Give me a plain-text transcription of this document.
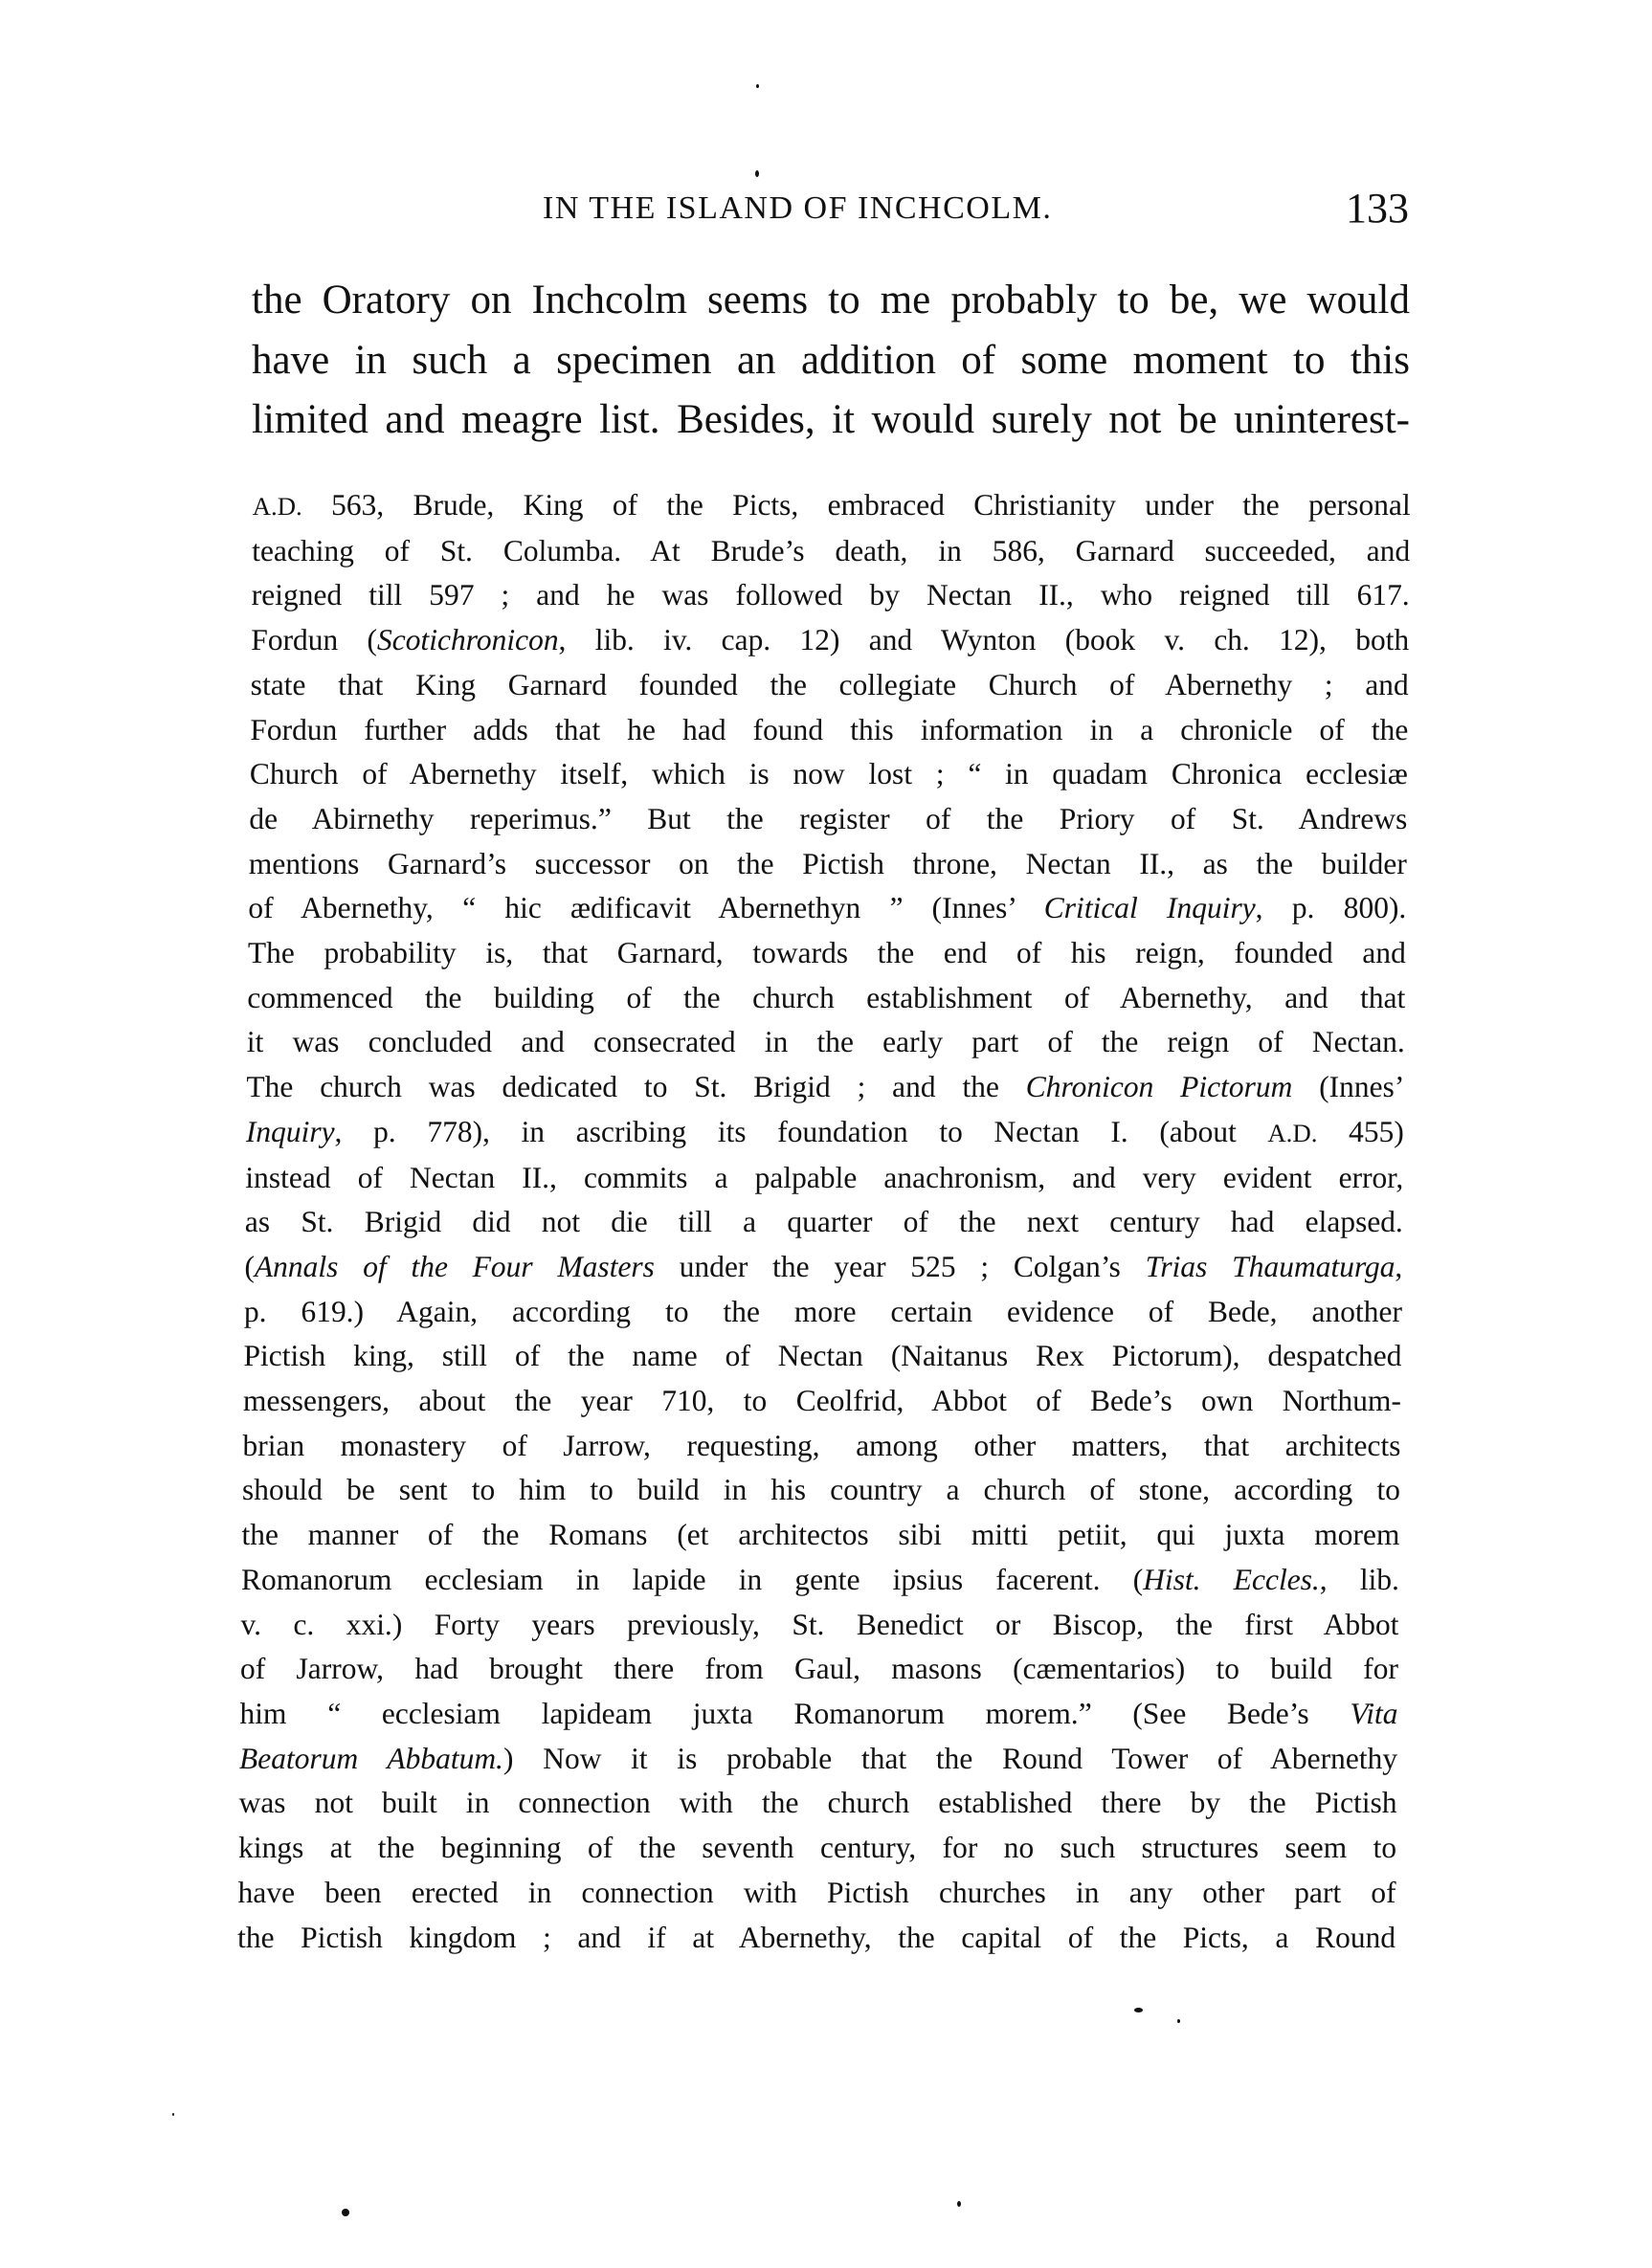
IN THE ISLAND OF INCHCOLM.	133
the Oratory on Inchcolm seems to me probably to be, we would
have in such a specimen an addition of some moment to this
limited and meagre list. Besides, it would surely not be uninterest-
A.D. 563, Brude, King of the Picts, embraced Christianity under the personal
teaching of St. Columba. At Brude’s death, in 586, Garnard succeeded, and
reigned till 597 ; and he was followed by Nectan II., who reigned till 617.
Fordun (Scotichronicon, lib. iv. cap. 12) and Wynton (book v. ch. 12), both
state that King Garnard founded the collegiate Church of Abernethy ; and
Fordun further adds that he had found this information in a chronicle of the
Church of Abernethy itself, which is now lost ; “ in quadam Chronica ecclesiæ
de Abirnethy reperimus.” But the register of the Priory of St. Andrews
mentions Garnard’s successor on the Pictish throne, Nectan II., as the builder
of Abernethy, “ hic ædificavit Abernethyn ” (Innes’ Critical Inquiry, p. 800).
The probability is, that Garnard, towards the end of his reign, founded and
commenced the building of the church establishment of Abernethy, and that
it was concluded and consecrated in the early part of the reign of Nectan.
The church was dedicated to St. Brigid ; and the Chronicon Pictorum (Innes’
Inquiry, p. 778), in ascribing its foundation to Nectan I. (about A.D. 455)
instead of Nectan II., commits a palpable anachronism, and very evident error,
as St. Brigid did not die till a quarter of the next century had elapsed.
(Annals of the Four Masters under the year 525 ; Colgan’s Trias Thaumaturga,
p. 619.) Again, according to the more certain evidence of Bede, another
Pictish king, still of the name of Nectan (Naitanus Rex Pictorum), despatched
messengers, about the year 710, to Ceolfrid, Abbot of Bede’s own Northum-
brian monastery of Jarrow, requesting, among other matters, that architects
should be sent to him to build in his country a church of stone, according to
the manner of the Romans (et architectos sibi mitti petiit, qui juxta morem
Romanorum ecclesiam in lapide in gente ipsius facerent. (Hist. Eccles., lib.
v. c. xxi.) Forty years previously, St. Benedict or Biscop, the first Abbot
of Jarrow, had brought there from Gaul, masons (cæmentarios) to build for
him “ ecclesiam lapideam juxta Romanorum morem.” (See Bede’s Vita
Beatorum Abbatum.) Now it is probable that the Round Tower of Abernethy
was not built in connection with the church established there by the Pictish
kings at the beginning of the seventh century, for no such structures seem to
have been erected in connection with Pictish churches in any other part of
the Pictish kingdom ; and if at Abernethy, the capital of the Picts, a Round
